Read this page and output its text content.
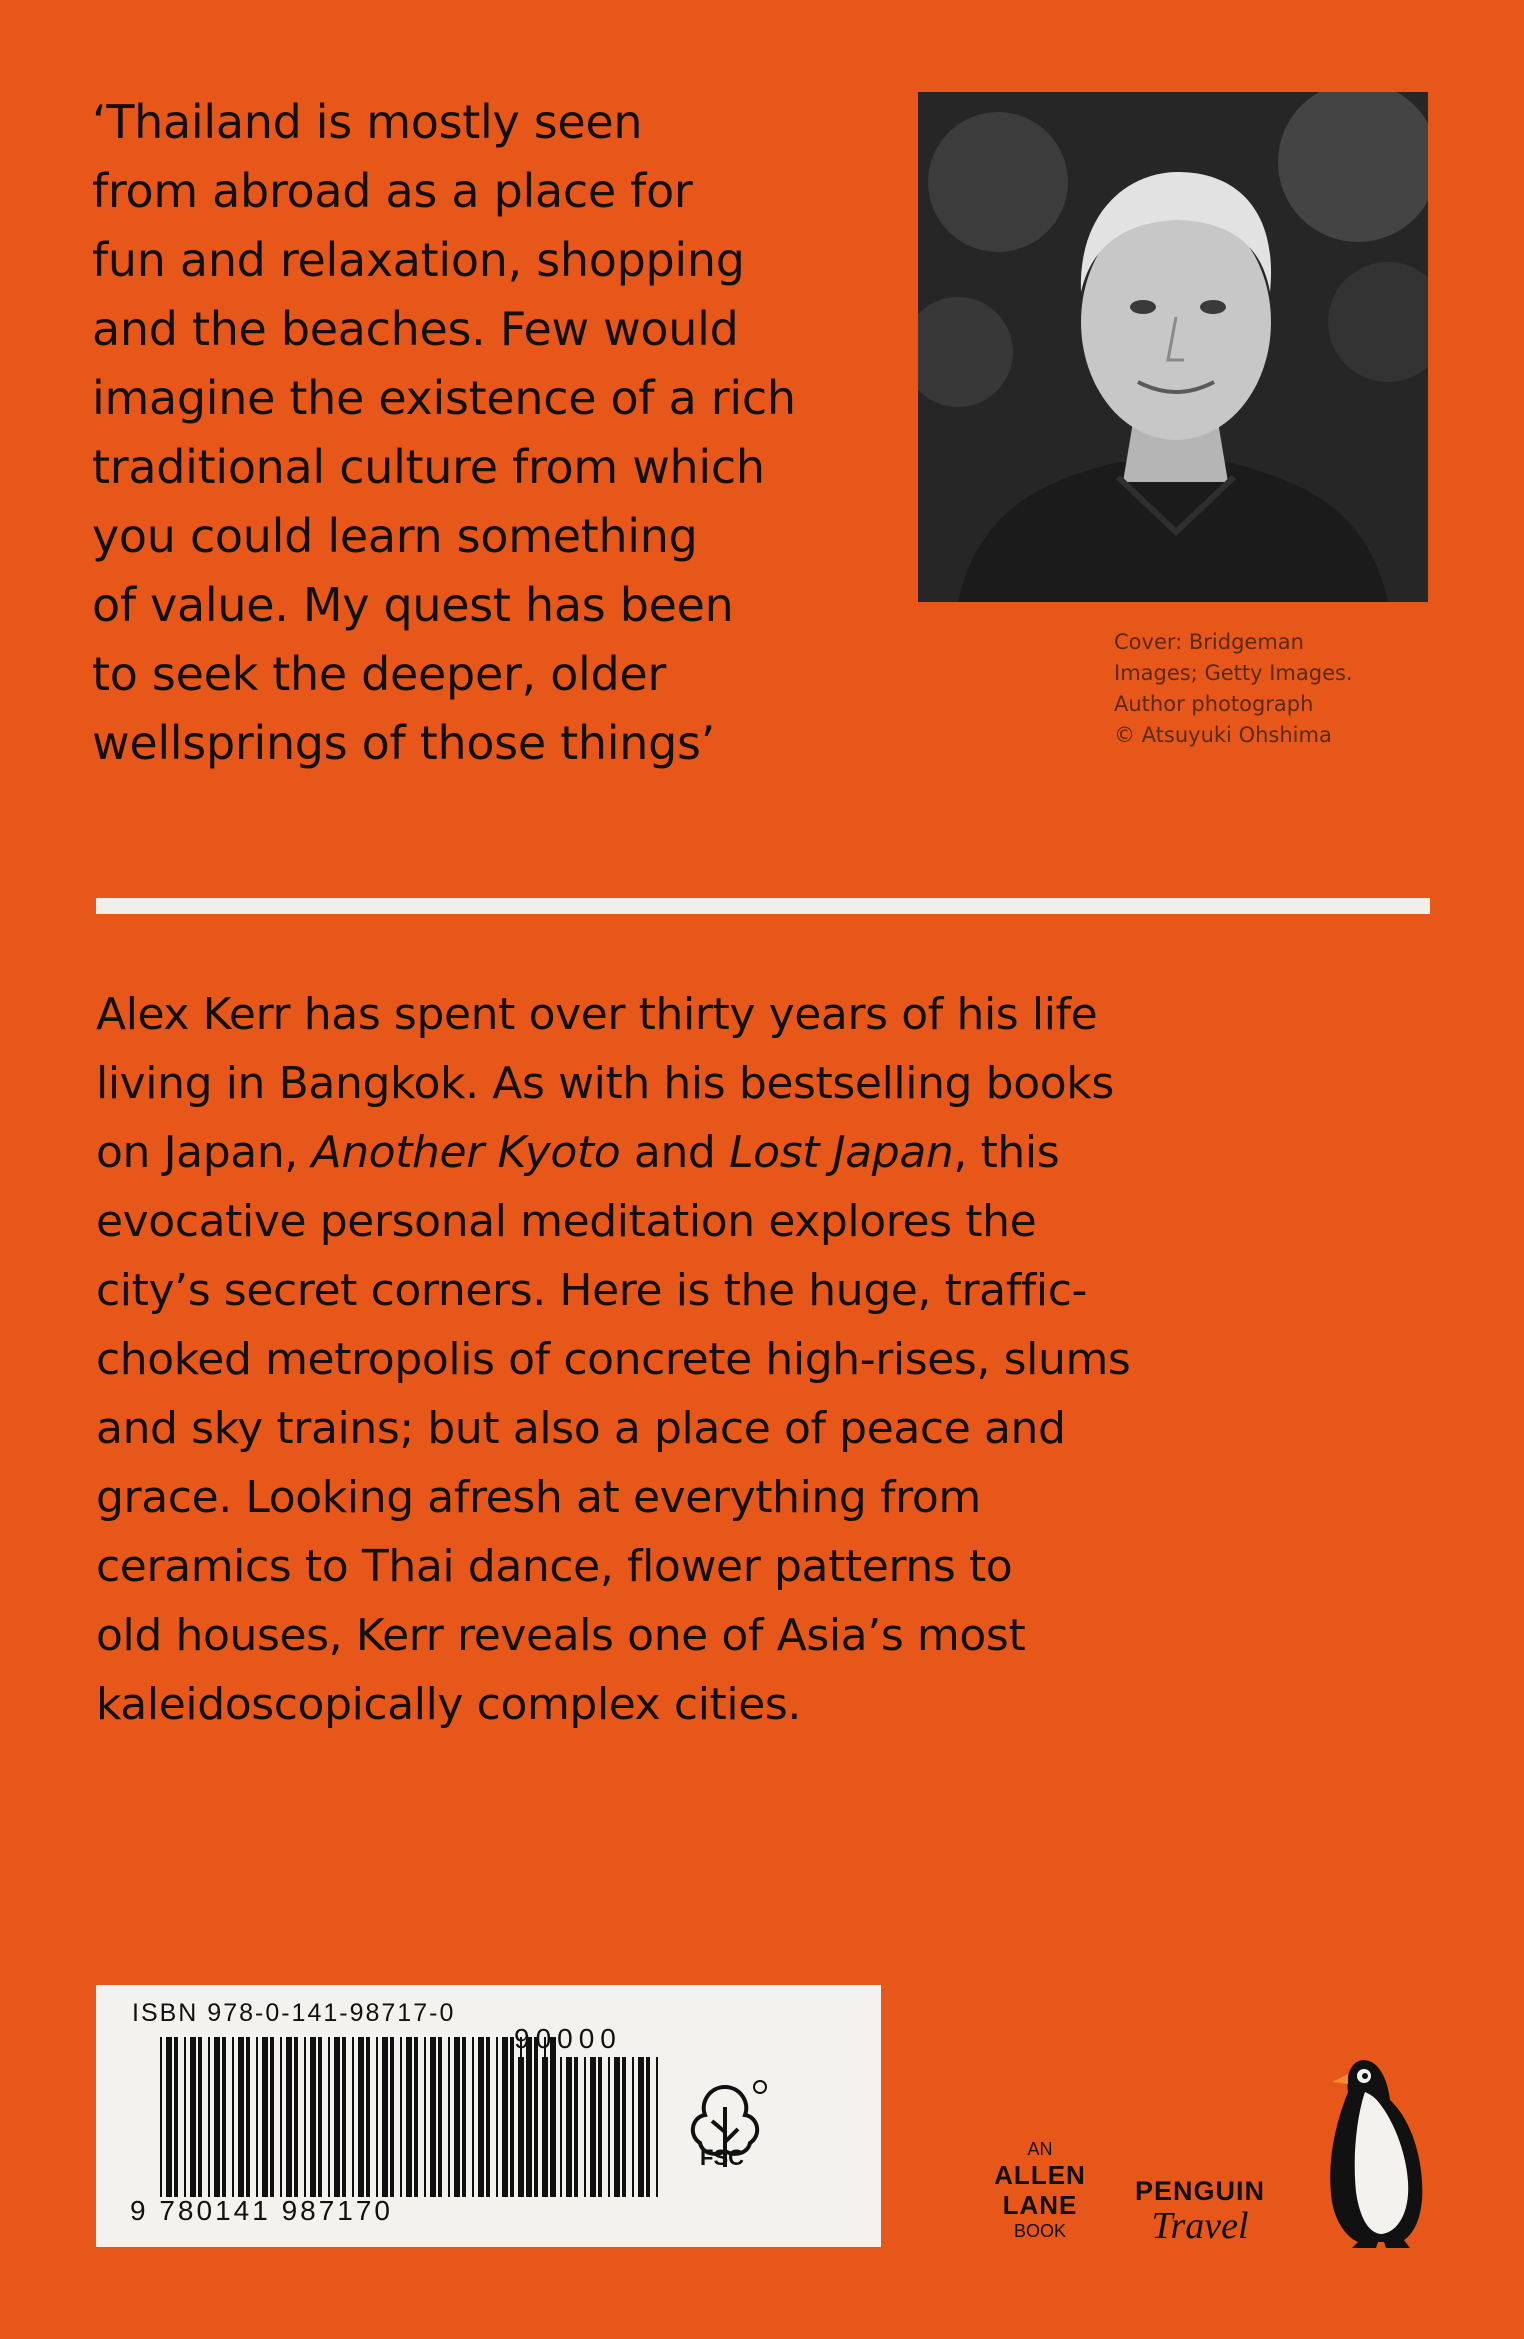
‘Thailand is mostly seen
from abroad as a place for
fun and relaxation, shopping
and the beaches. Few would
imagine the existence of a rich
traditional culture from which
you could learn something
of value. My quest has been
to seek the deeper, older
wellsprings of those things’
Cover: Bridgeman
Images; Getty Images.
Author photograph
© Atsuyuki Ohshima
Alex Kerr has spent over thirty years of his life
living in Bangkok. As with his bestselling books
on Japan, Another Kyoto and Lost Japan, this
evocative personal meditation explores the
city’s secret corners. Here is the huge, traffic-
choked metropolis of concrete high-rises, slums
and sky trains; but also a place of peace and
grace. Looking afresh at everything from
ceramics to Thai dance, flower patterns to
old houses, Kerr reveals one of Asia’s most
kaleidoscopically complex cities.
ISBN 978-0-141-98717-0
9 780141 987170
90000
FSC	AN
ALLEN
LANE
BOOK
PENGUIN
Travel
